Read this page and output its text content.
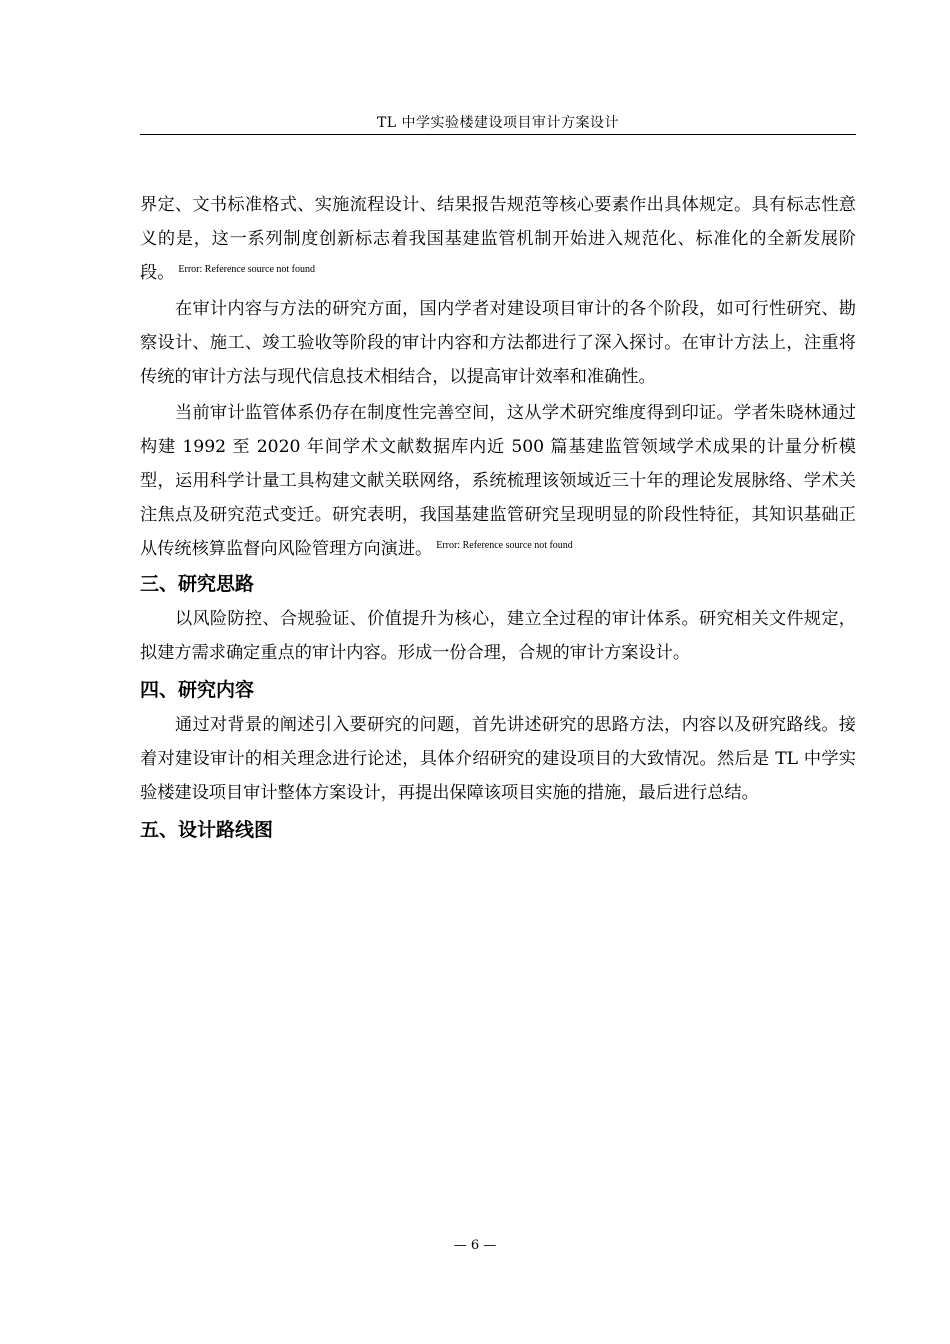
TL 中学实验楼建设项目审计方案设计

界定、文书标准格式、实施流程设计、结果报告规范等核心要素作出具体规定。具有标志性意义的是，这一系列制度创新标志着我国基建监管机制开始进入规范化、标准化的全新发展阶段。 $^{Error: Reference source not found}$

在审计内容与方法的研究方面，国内学者对建设项目审计的各个阶段，如可行性研究、勘察设计、施工、竣工验收等阶段的审计内容和方法都进行了深入探讨。在审计方法上，注重将传统的审计方法与现代信息技术相结合，以提高审计效率和准确性。

当前审计监管体系仍存在制度性完善空间，这从学术研究维度得到印证。学者朱晓林通过构建 1992 至 2020 年间学术文献数据库内近 500 篇基建监管领域学术成果的计量分析模型，运用科学计量工具构建文献关联网络，系统梳理该领域近三十年的理论发展脉络、学术关注焦点及研究范式变迁。研究表明，我国基建监管研究呈现明显的阶段性特征，其知识基础正从传统核算监督向风险管理方向演进。 $^{Error: Reference source not found}$

三、研究思路

以风险防控、合规验证、价值提升为核心，建立全过程的审计体系。研究相关文件规定，拟建方需求确定重点的审计内容。形成一份合理，合规的审计方案设计。

四、研究内容

通过对背景的阐述引入要研究的问题，首先讲述研究的思路方法，内容以及研究路线。接着对建设审计的相关理念进行论述，具体介绍研究的建设项目的大致情况。然后是 TL 中学实验楼建设项目审计整体方案设计，再提出保障该项目实施的措施，最后进行总结。

五、设计路线图
— 6 —
